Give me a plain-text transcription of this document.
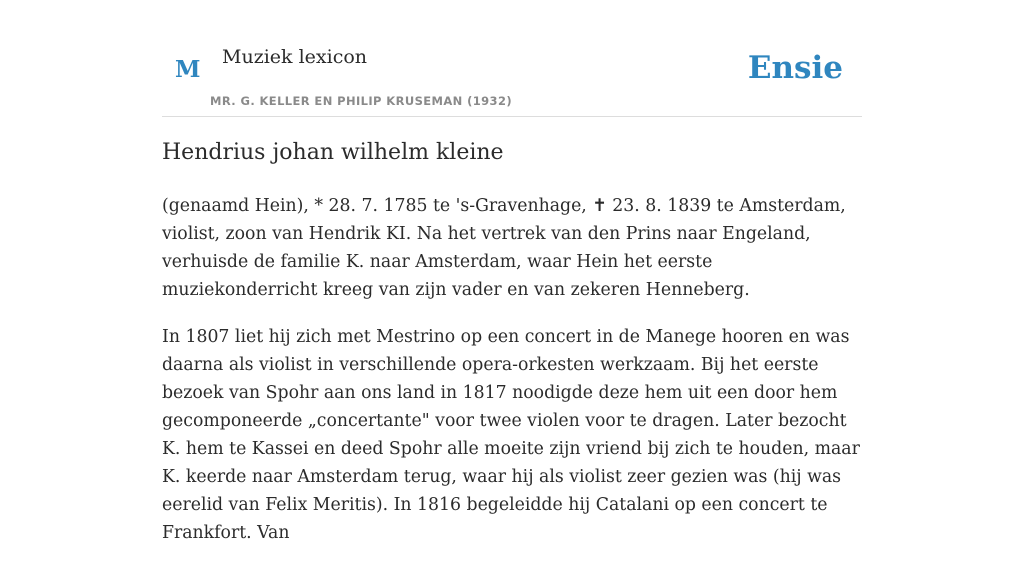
M Muziek lexicon
MR. G. KELLER EN PHILIP KRUSEMAN (1932)
Ensie
Hendrius johan wilhelm kleine

(genaamd Hein), * 28. 7. 1785 te 's-Gravenhage, ✝ 23. 8. 1839 te Amsterdam, violist, zoon van Hendrik KI. Na het vertrek van den Prins naar Engeland, verhuisde de familie K. naar Amsterdam, waar Hein het eerste muziekonderricht kreeg van zijn vader en van zekeren Henneberg.

In 1807 liet hij zich met Mestrino op een concert in de Manege hooren en was daarna als violist in verschillende opera-orkesten werkzaam. Bij het eerste bezoek van Spohr aan ons land in 1817 noodigde deze hem uit een door hem gecomponeerde „concertante" voor twee violen voor te dragen. Later bezocht K. hem te Kassei en deed Spohr alle moeite zijn vriend bij zich te houden, maar K. keerde naar Amsterdam terug, waar hij als violist zeer gezien was (hij was eerelid van Felix Meritis). In 1816 begeleidde hij Catalani op een concert te Frankfort. Van
